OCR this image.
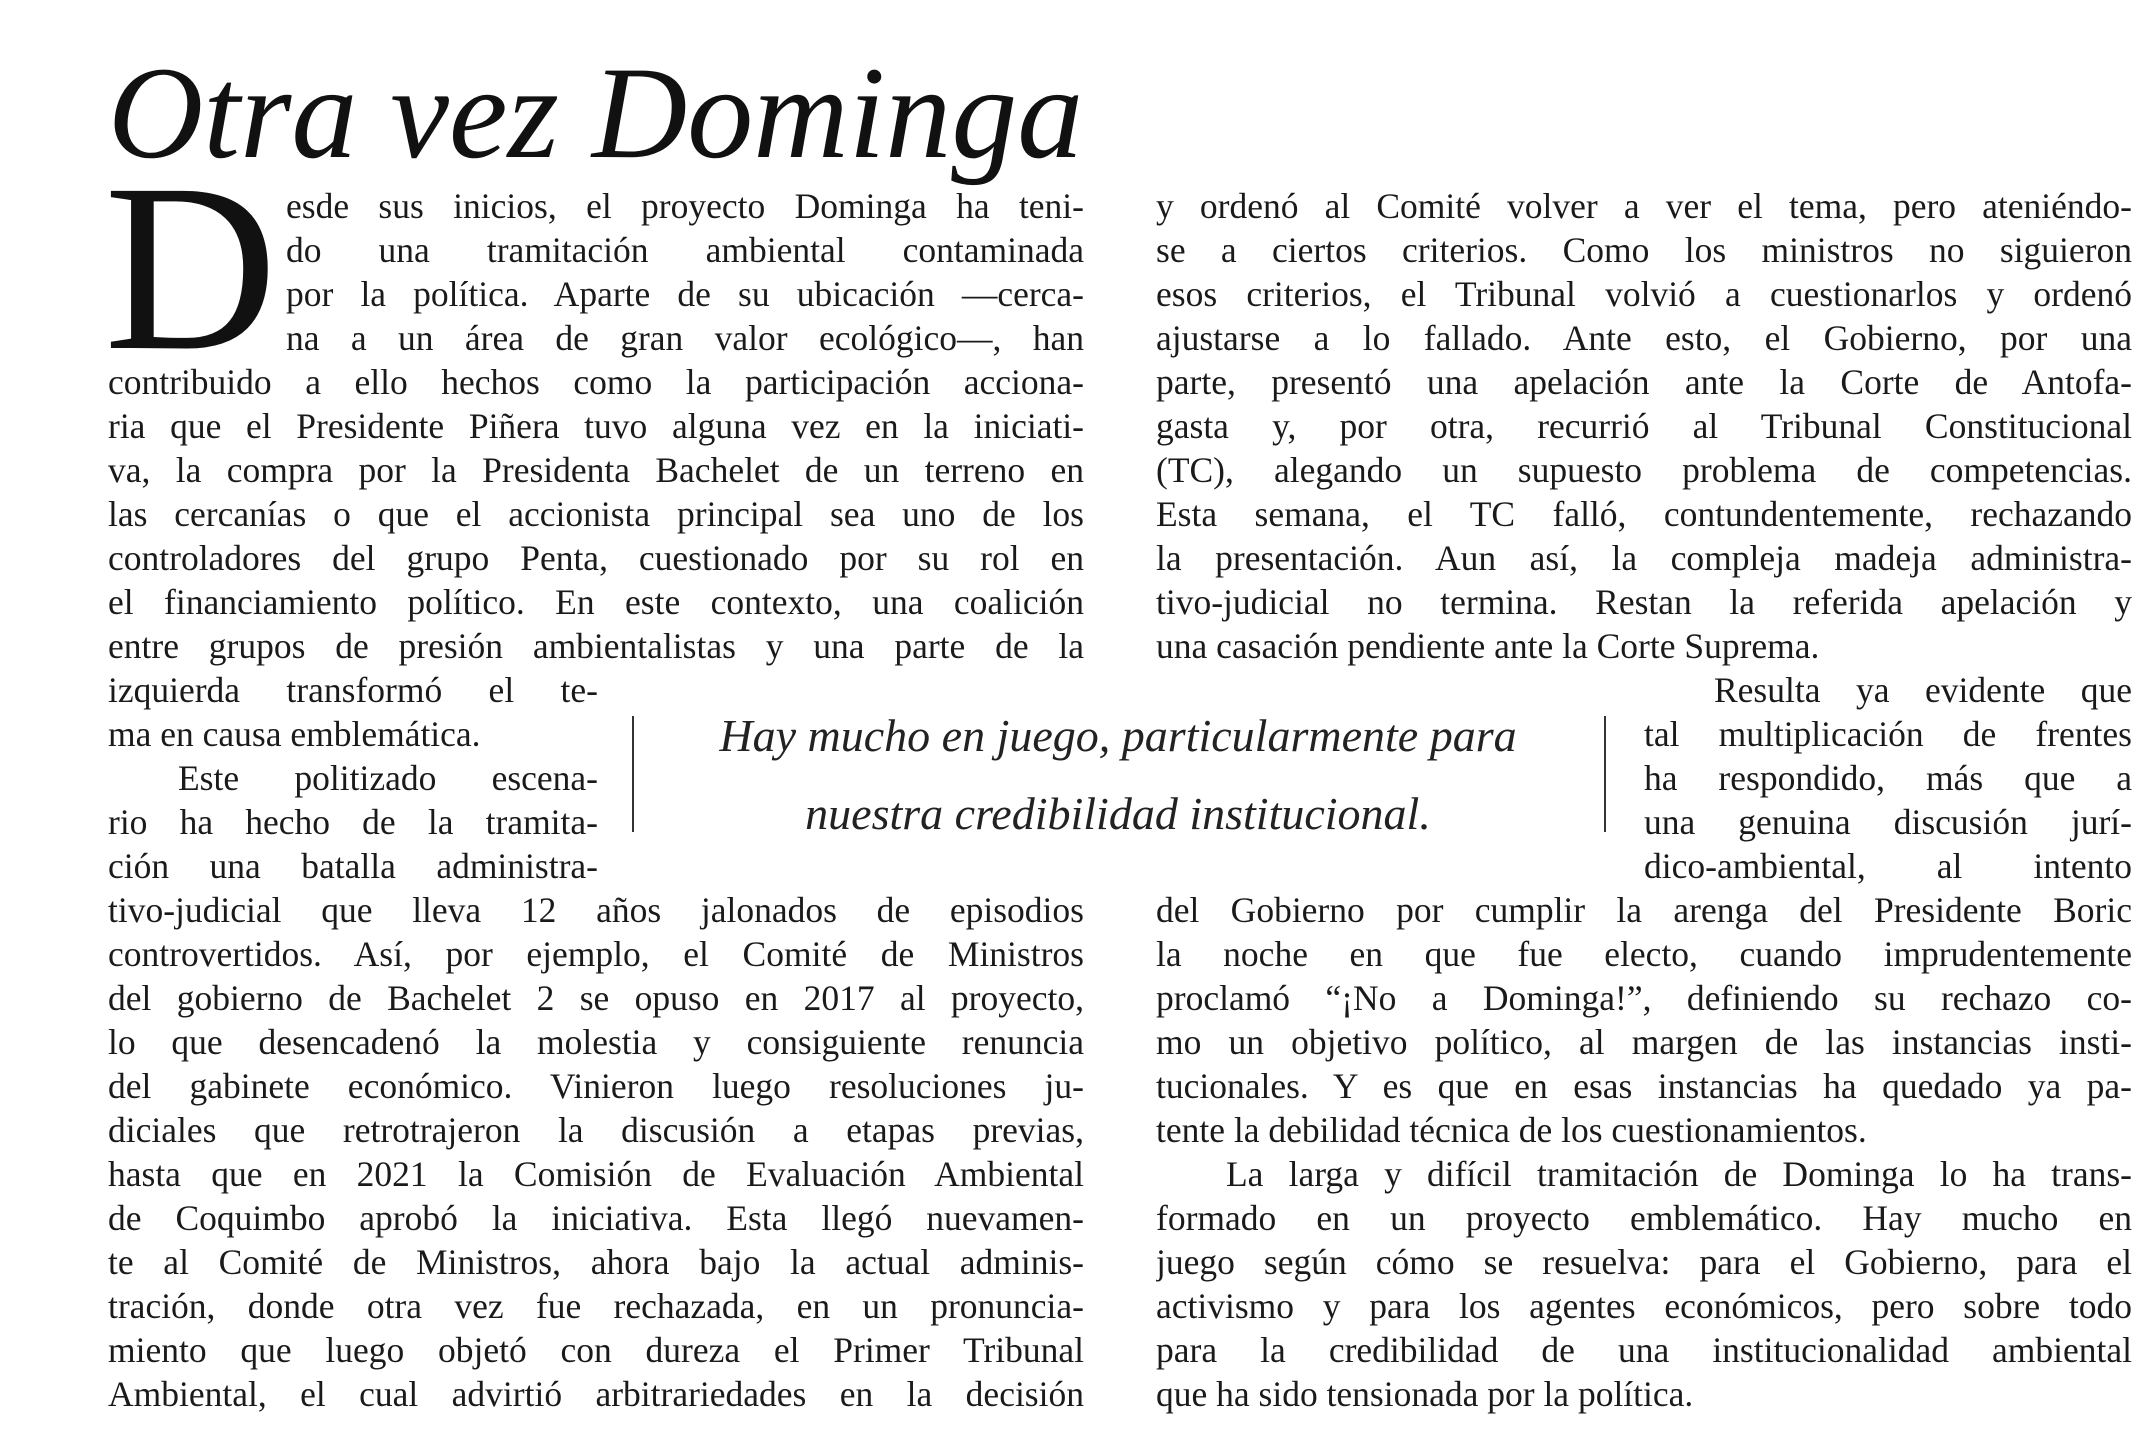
Otra vez Dominga
D esde sus inicios, el proyecto Dominga ha teni-
do una tramitación ambiental contaminada
por la política. Aparte de su ubicación —cerca-
na a un área de gran valor ecológico—, han
contribuido a ello hechos como la participación acciona-
ria que el Presidente Piñera tuvo alguna vez en la iniciati-
va, la compra por la Presidenta Bachelet de un terreno en
las cercanías o que el accionista principal sea uno de los
controladores del grupo Penta, cuestionado por su rol en
el financiamiento político. En este contexto, una coalición
entre grupos de presión ambientalistas y una parte de la
izquierda transformó el te-
ma en causa emblemática.
Este politizado escena-
rio ha hecho de la tramita-
ción una batalla administra-
tivo-judicial que lleva 12 años jalonados de episodios
controvertidos. Así, por ejemplo, el Comité de Ministros
del gobierno de Bachelet 2 se opuso en 2017 al proyecto,
lo que desencadenó la molestia y consiguiente renuncia
del gabinete económico. Vinieron luego resoluciones ju-
diciales que retrotrajeron la discusión a etapas previas,
hasta que en 2021 la Comisión de Evaluación Ambiental
de Coquimbo aprobó la iniciativa. Esta llegó nuevamen-
te al Comité de Ministros, ahora bajo la actual adminis-
tración, donde otra vez fue rechazada, en un pronuncia-
miento que luego objetó con dureza el Primer Tribunal
Ambiental, el cual advirtió arbitrariedades en la decisión
y ordenó al Comité volver a ver el tema, pero ateniéndo-
se a ciertos criterios. Como los ministros no siguieron
esos criterios, el Tribunal volvió a cuestionarlos y ordenó
ajustarse a lo fallado. Ante esto, el Gobierno, por una
parte, presentó una apelación ante la Corte de Antofa-
gasta y, por otra, recurrió al Tribunal Constitucional
(TC), alegando un supuesto problema de competencias.
Esta semana, el TC falló, contundentemente, rechazando
la presentación. Aun así, la compleja madeja administra-
tivo-judicial no termina. Restan la referida apelación y
una casación pendiente ante la Corte Suprema.
Resulta ya evidente que
tal multiplicación de frentes
ha respondido, más que a
una genuina discusión jurí-
dico-ambiental, al intento
del Gobierno por cumplir la arenga del Presidente Boric
la noche en que fue electo, cuando imprudentemente
proclamó “¡No a Dominga!”, definiendo su rechazo co-
mo un objetivo político, al margen de las instancias insti-
tucionales. Y es que en esas instancias ha quedado ya pa-
tente la debilidad técnica de los cuestionamientos.
La larga y difícil tramitación de Dominga lo ha trans-
formado en un proyecto emblemático. Hay mucho en
juego según cómo se resuelva: para el Gobierno, para el
activismo y para los agentes económicos, pero sobre todo
para la credibilidad de una institucionalidad ambiental
que ha sido tensionada por la política.
Hay mucho en juego, particularmente para
nuestra credibilidad institucional.
